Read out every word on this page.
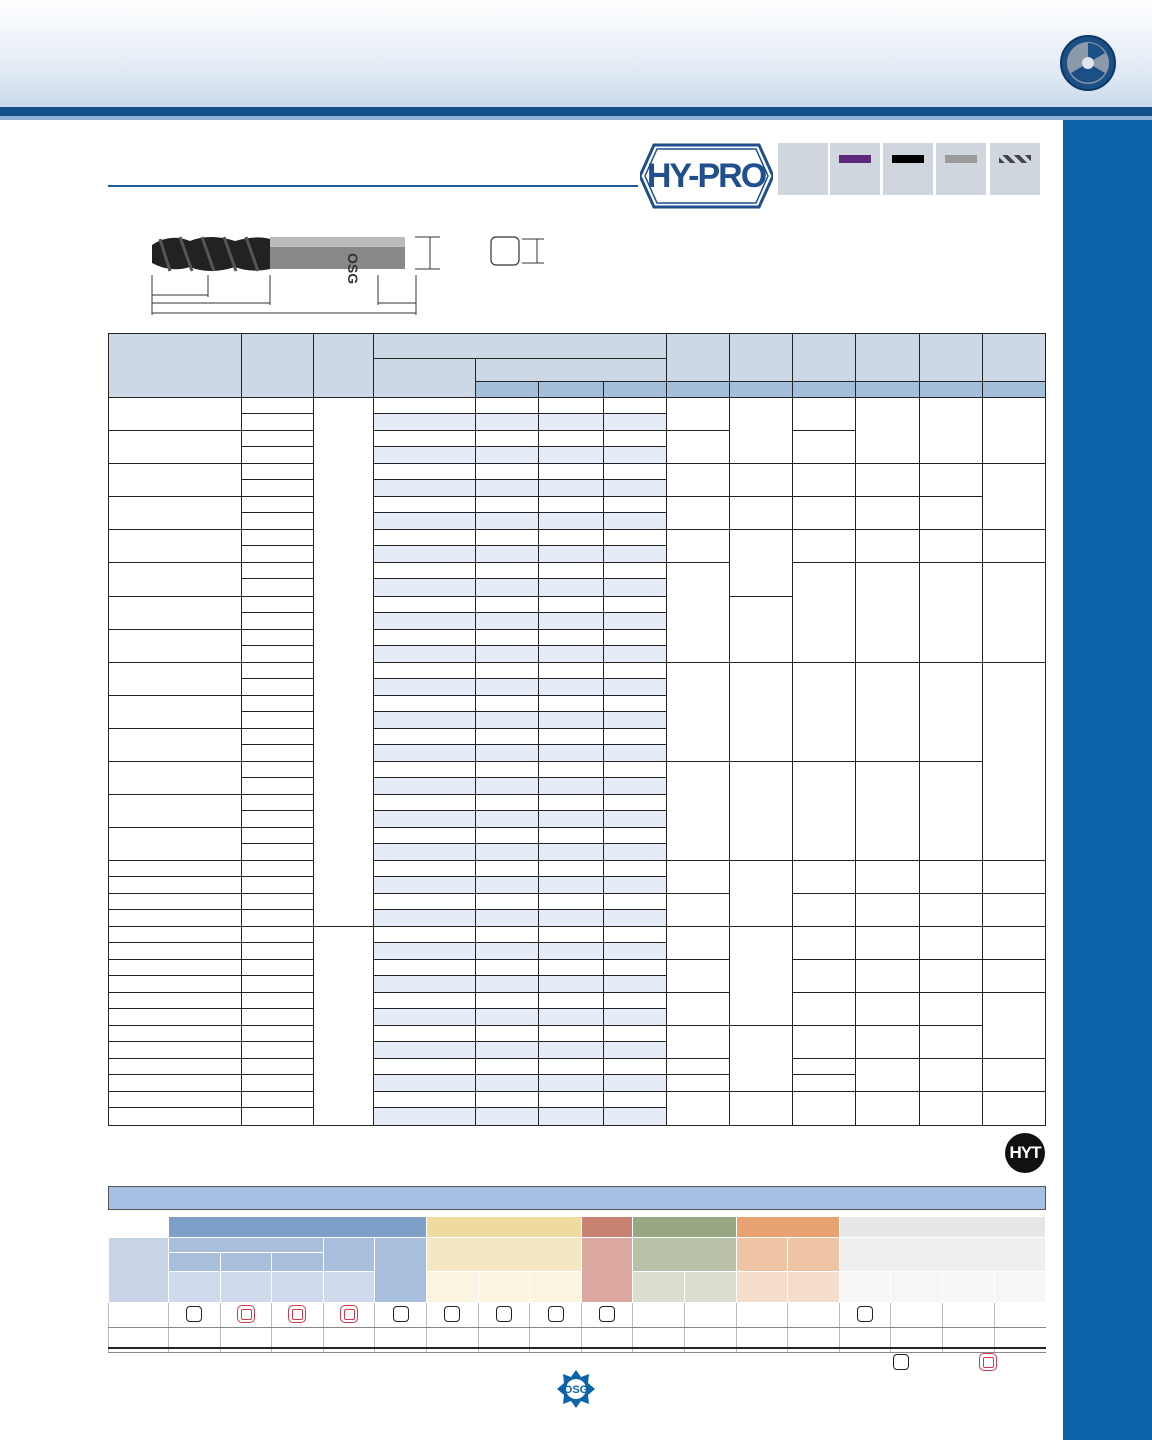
HY-PRO
OSG

HYT

OSG
